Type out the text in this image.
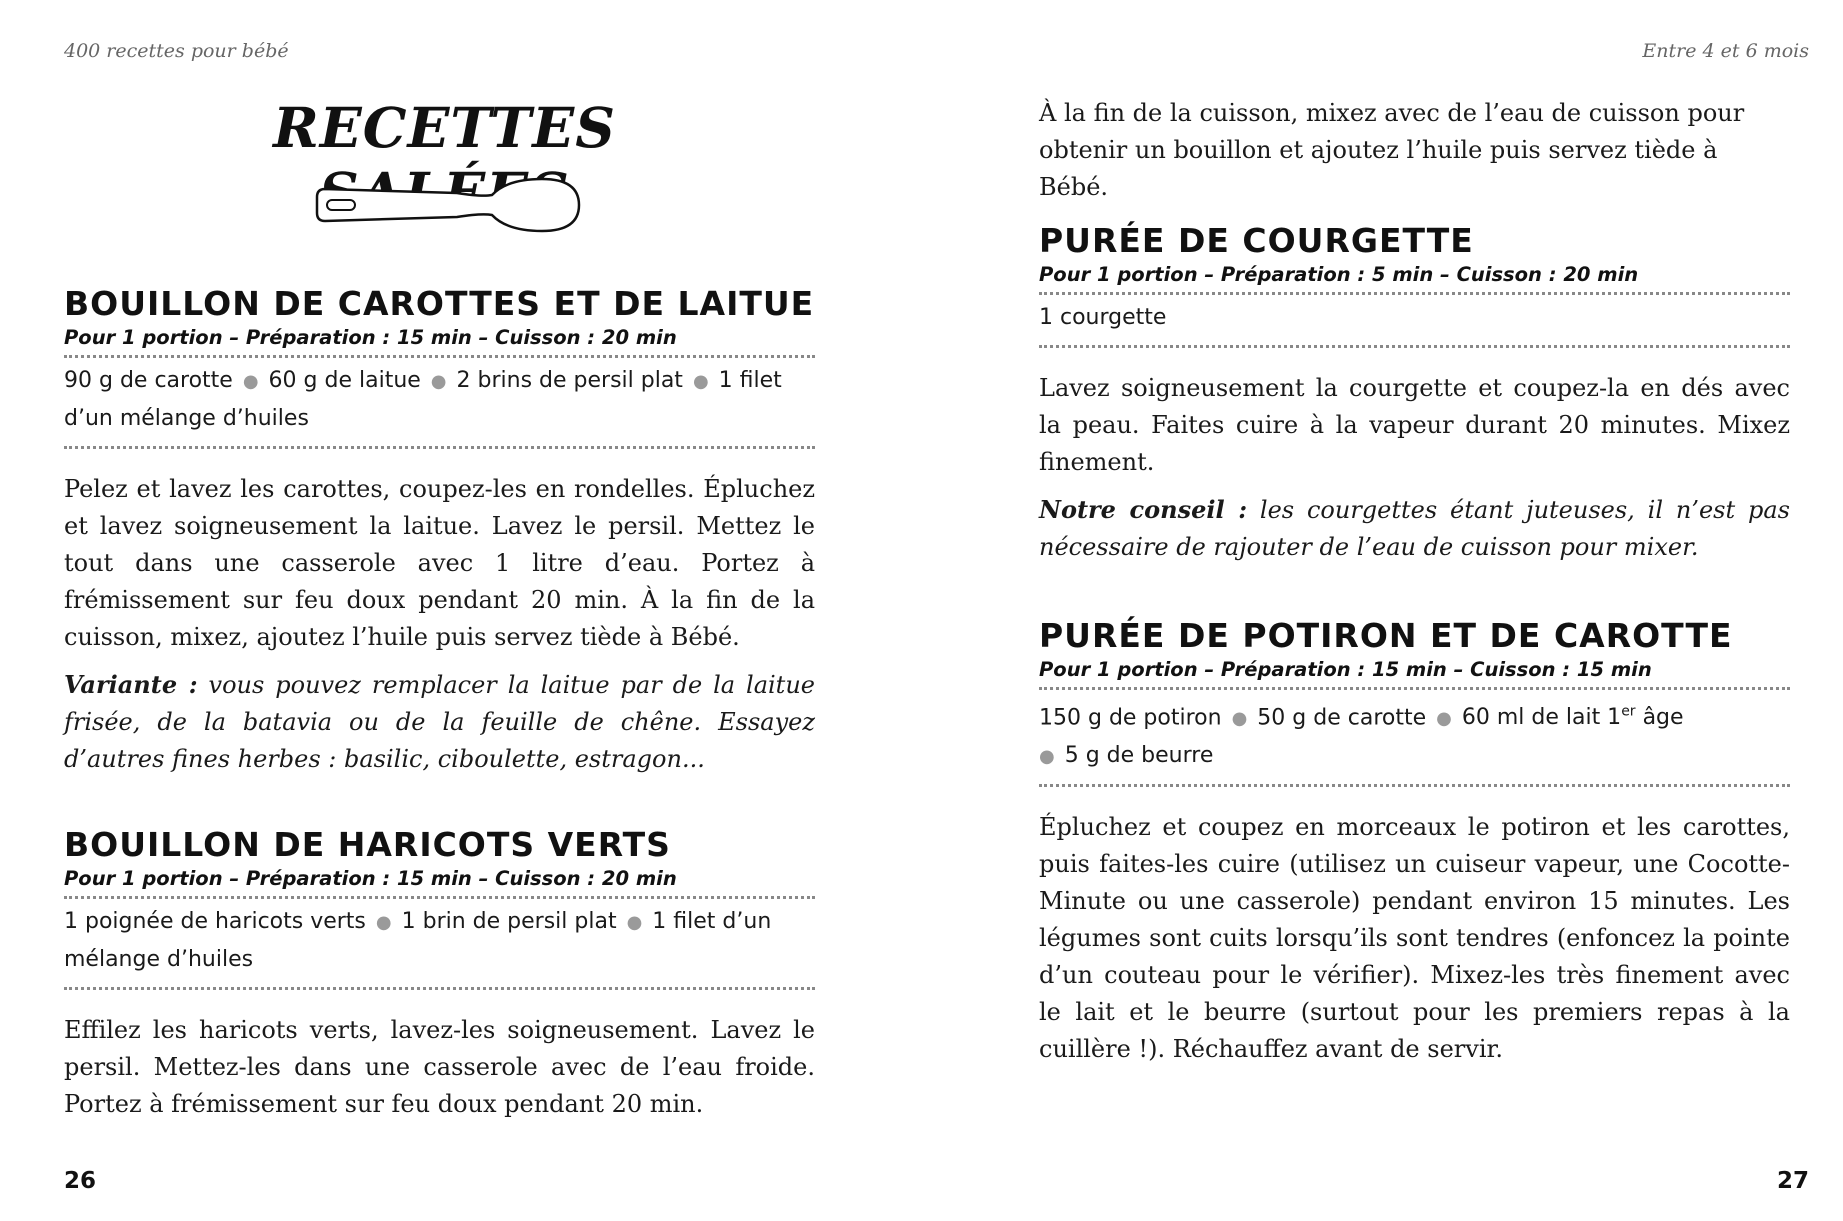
400 recettes pour bébé
RECETTES
BOUILLON DE CAROTTES ET DE LAITUE
Pour 1 portion – Préparation : 15 min – Cuisson : 20 min
90 g de carotte ● 60 g de laitue ● 2 brins de persil plat ● 1 filet d’un mélange d’huiles

Pelez et lavez les carottes, coupez-les en rondelles. Épluchez et lavez soigneusement la laitue. Lavez le persil. Mettez le tout dans une casserole avec 1 litre d’eau. Portez à frémissement sur feu doux pendant 20 min. À la fin de la cuisson, mixez, ajoutez l’huile puis servez tiède à Bébé.

Variante : vous pouvez remplacer la laitue par de la laitue frisée, de la batavia ou de la feuille de chêne. Essayez d’autres fines herbes : basilic, ciboulette, estragon...

BOUILLON DE HARICOTS VERTS
Pour 1 portion – Préparation : 15 min – Cuisson : 20 min
1 poignée de haricots verts ● 1 brin de persil plat ● 1 filet d’un mélange d’huiles

Effilez les haricots verts, lavez-les soigneusement. Lavez le persil. Mettez-les dans une casserole avec de l’eau froide. Portez à frémissement sur feu doux pendant 20 min.

26
Entre 4 et 6 mois

À la fin de la cuisson, mixez avec de l’eau de cuisson pour obtenir un bouillon et ajoutez l’huile puis servez tiède à Bébé.

PURÉE DE COURGETTE
Pour 1 portion – Préparation : 5 min – Cuisson : 20 min
1 courgette

Lavez soigneusement la courgette et coupez-la en dés avec la peau. Faites cuire à la vapeur durant 20 minutes. Mixez finement.

Notre conseil : les courgettes étant juteuses, il n’est pas nécessaire de rajouter de l’eau de cuisson pour mixer.

PURÉE DE POTIRON ET DE CAROTTE
Pour 1 portion – Préparation : 15 min – Cuisson : 15 min
150 g de potiron ● 50 g de carotte ● 60 ml de lait 1er âge
● 5 g de beurre

Épluchez et coupez en morceaux le potiron et les carottes, puis faites-les cuire (utilisez un cuiseur vapeur, une Cocotte-Minute ou une casserole) pendant environ 15 minutes. Les légumes sont cuits lorsqu’ils sont tendres (enfoncez la pointe d’un couteau pour le vérifier). Mixez-les très finement avec le lait et le beurre (surtout pour les premiers repas à la cuillère !). Réchauffez avant de servir.

27
